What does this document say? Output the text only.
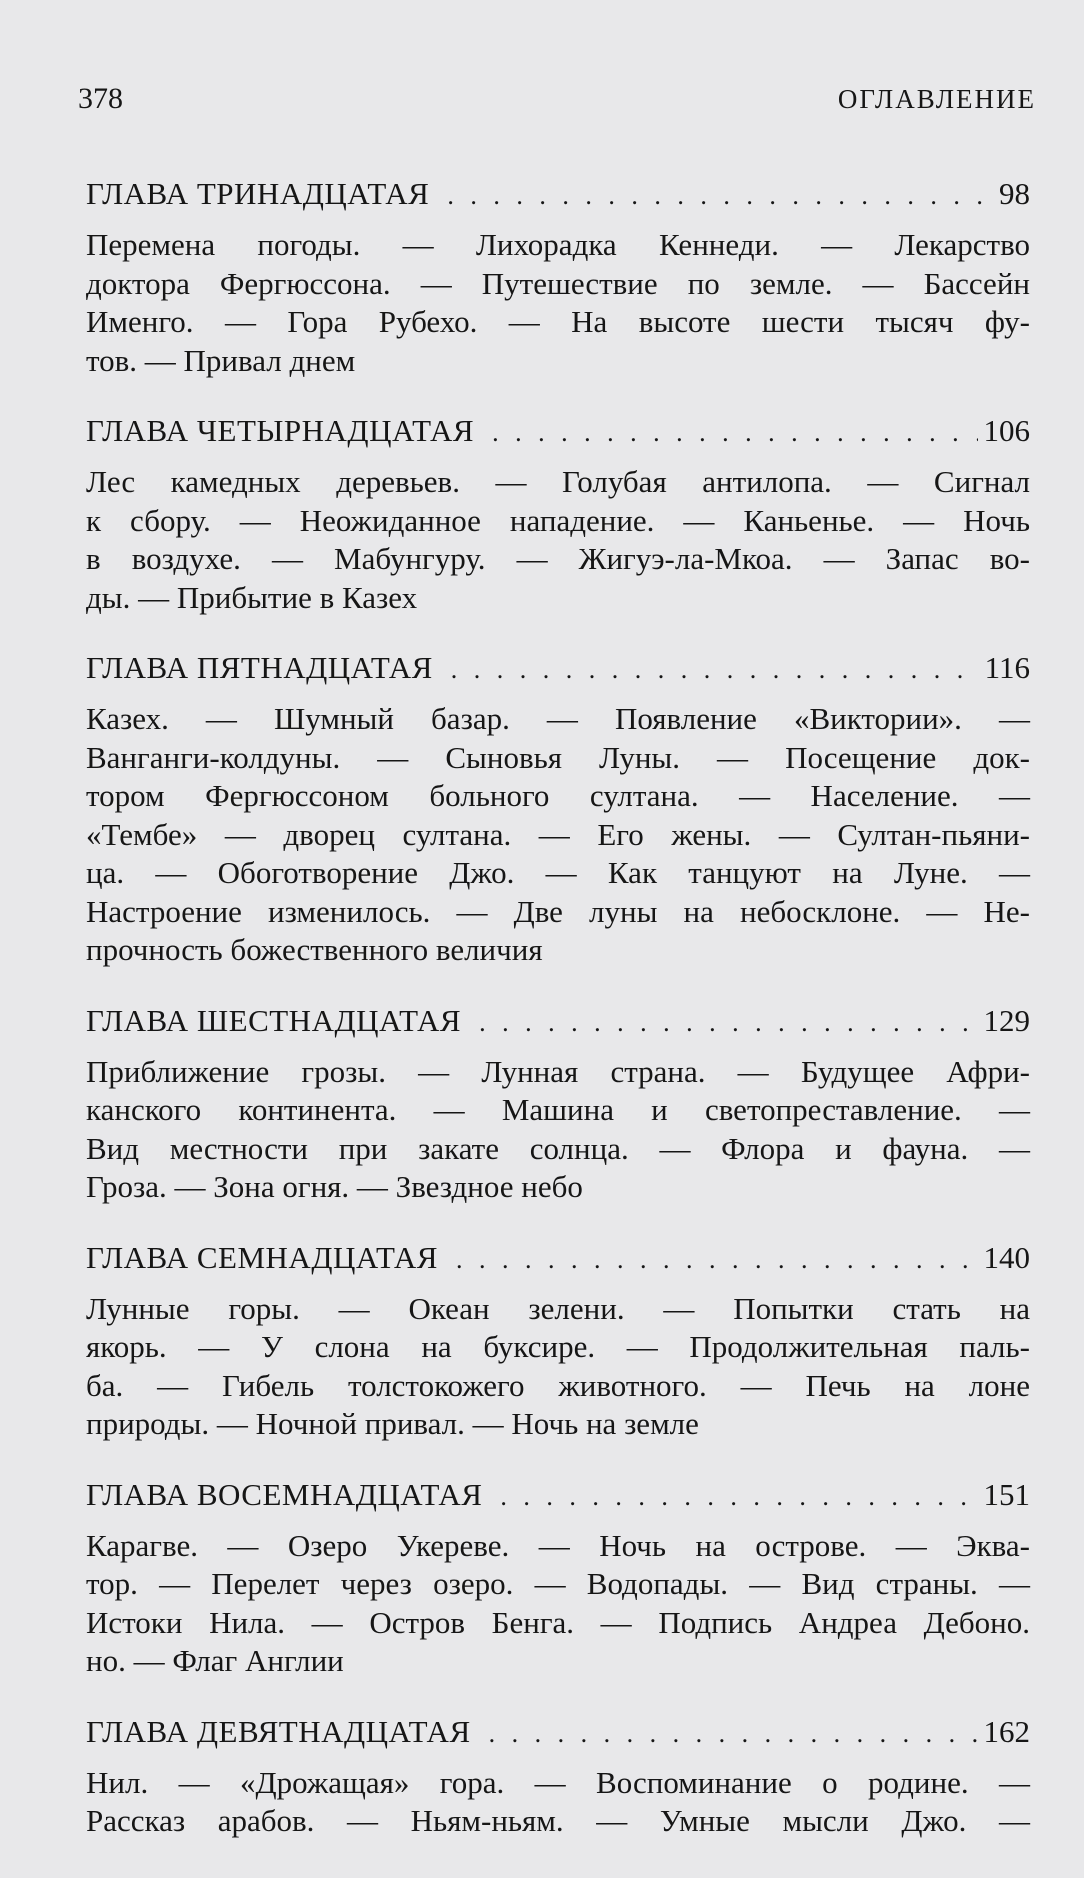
378	ОГЛАВЛЕНИЕ
ГЛАВА ТРИНАДЦАТАЯ . . .	98
Перемена погоды. — Лихорадка Кеннеди. — Лекарство
доктора Фергюссона. — Путешествие по земле. — Бассейн
Именго. — Гора Рубехо. — На высоте шести тысяч фу-
тов. — Привал днем
ГЛАВА ЧЕТЫРНАДЦАТАЯ . . .	106
Лес камедных деревьев. — Голубая антилопа. — Сигнал
к сбору. — Неожиданное нападение. — Каньенье. — Ночь
в воздухе. — Мабунгуру. — Жигуэ-ла-Мкоа. — Запас во-
ды. — Прибытие в Казех
ГЛАВА ПЯТНАДЦАТАЯ . . .	116
Казех. — Шумный базар. — Появление «Виктории». —
Ванганги-колдуны. — Сыновья Луны. — Посещение док-
тором Фергюссоном больного султана. — Население. —
«Тембе» — дворец султана. — Его жены. — Султан-пьяни-
ца. — Обоготворение Джо. — Как танцуют на Луне. —
Настроение изменилось. — Две луны на небосклоне. — Не-
прочность божественного величия
ГЛАВА ШЕСТНАДЦАТАЯ . . .	129
Приближение грозы. — Лунная страна. — Будущее Афри-
канского континента. — Машина и светопреставление. —
Вид местности при закате солнца. — Флора и фауна. —
Гроза. — Зона огня. — Звездное небо
ГЛАВА СЕМНАДЦАТАЯ . . .	140
Лунные горы. — Океан зелени. — Попытки стать на
якорь. — У слона на буксире. — Продолжительная паль-
ба. — Гибель толстокожего животного. — Печь на лоне
природы. — Ночной привал. — Ночь на земле
ГЛАВА ВОСЕМНАДЦАТАЯ . . .	151
Карагве. — Озеро Укереве. — Ночь на острове. — Эква-
тор. — Перелет через озеро. — Водопады. — Вид страны. —
Истоки Нила. — Остров Бенга. — Подпись Андреа Дебоно.
но. — Флаг Англии
ГЛАВА ДЕВЯТНАДЦАТАЯ . . .	162
Нил. — «Дрожащая» гора. — Воспоминание о родине. —
Рассказ арабов. — Ньям-ньям. — Умные мысли Джо. —
